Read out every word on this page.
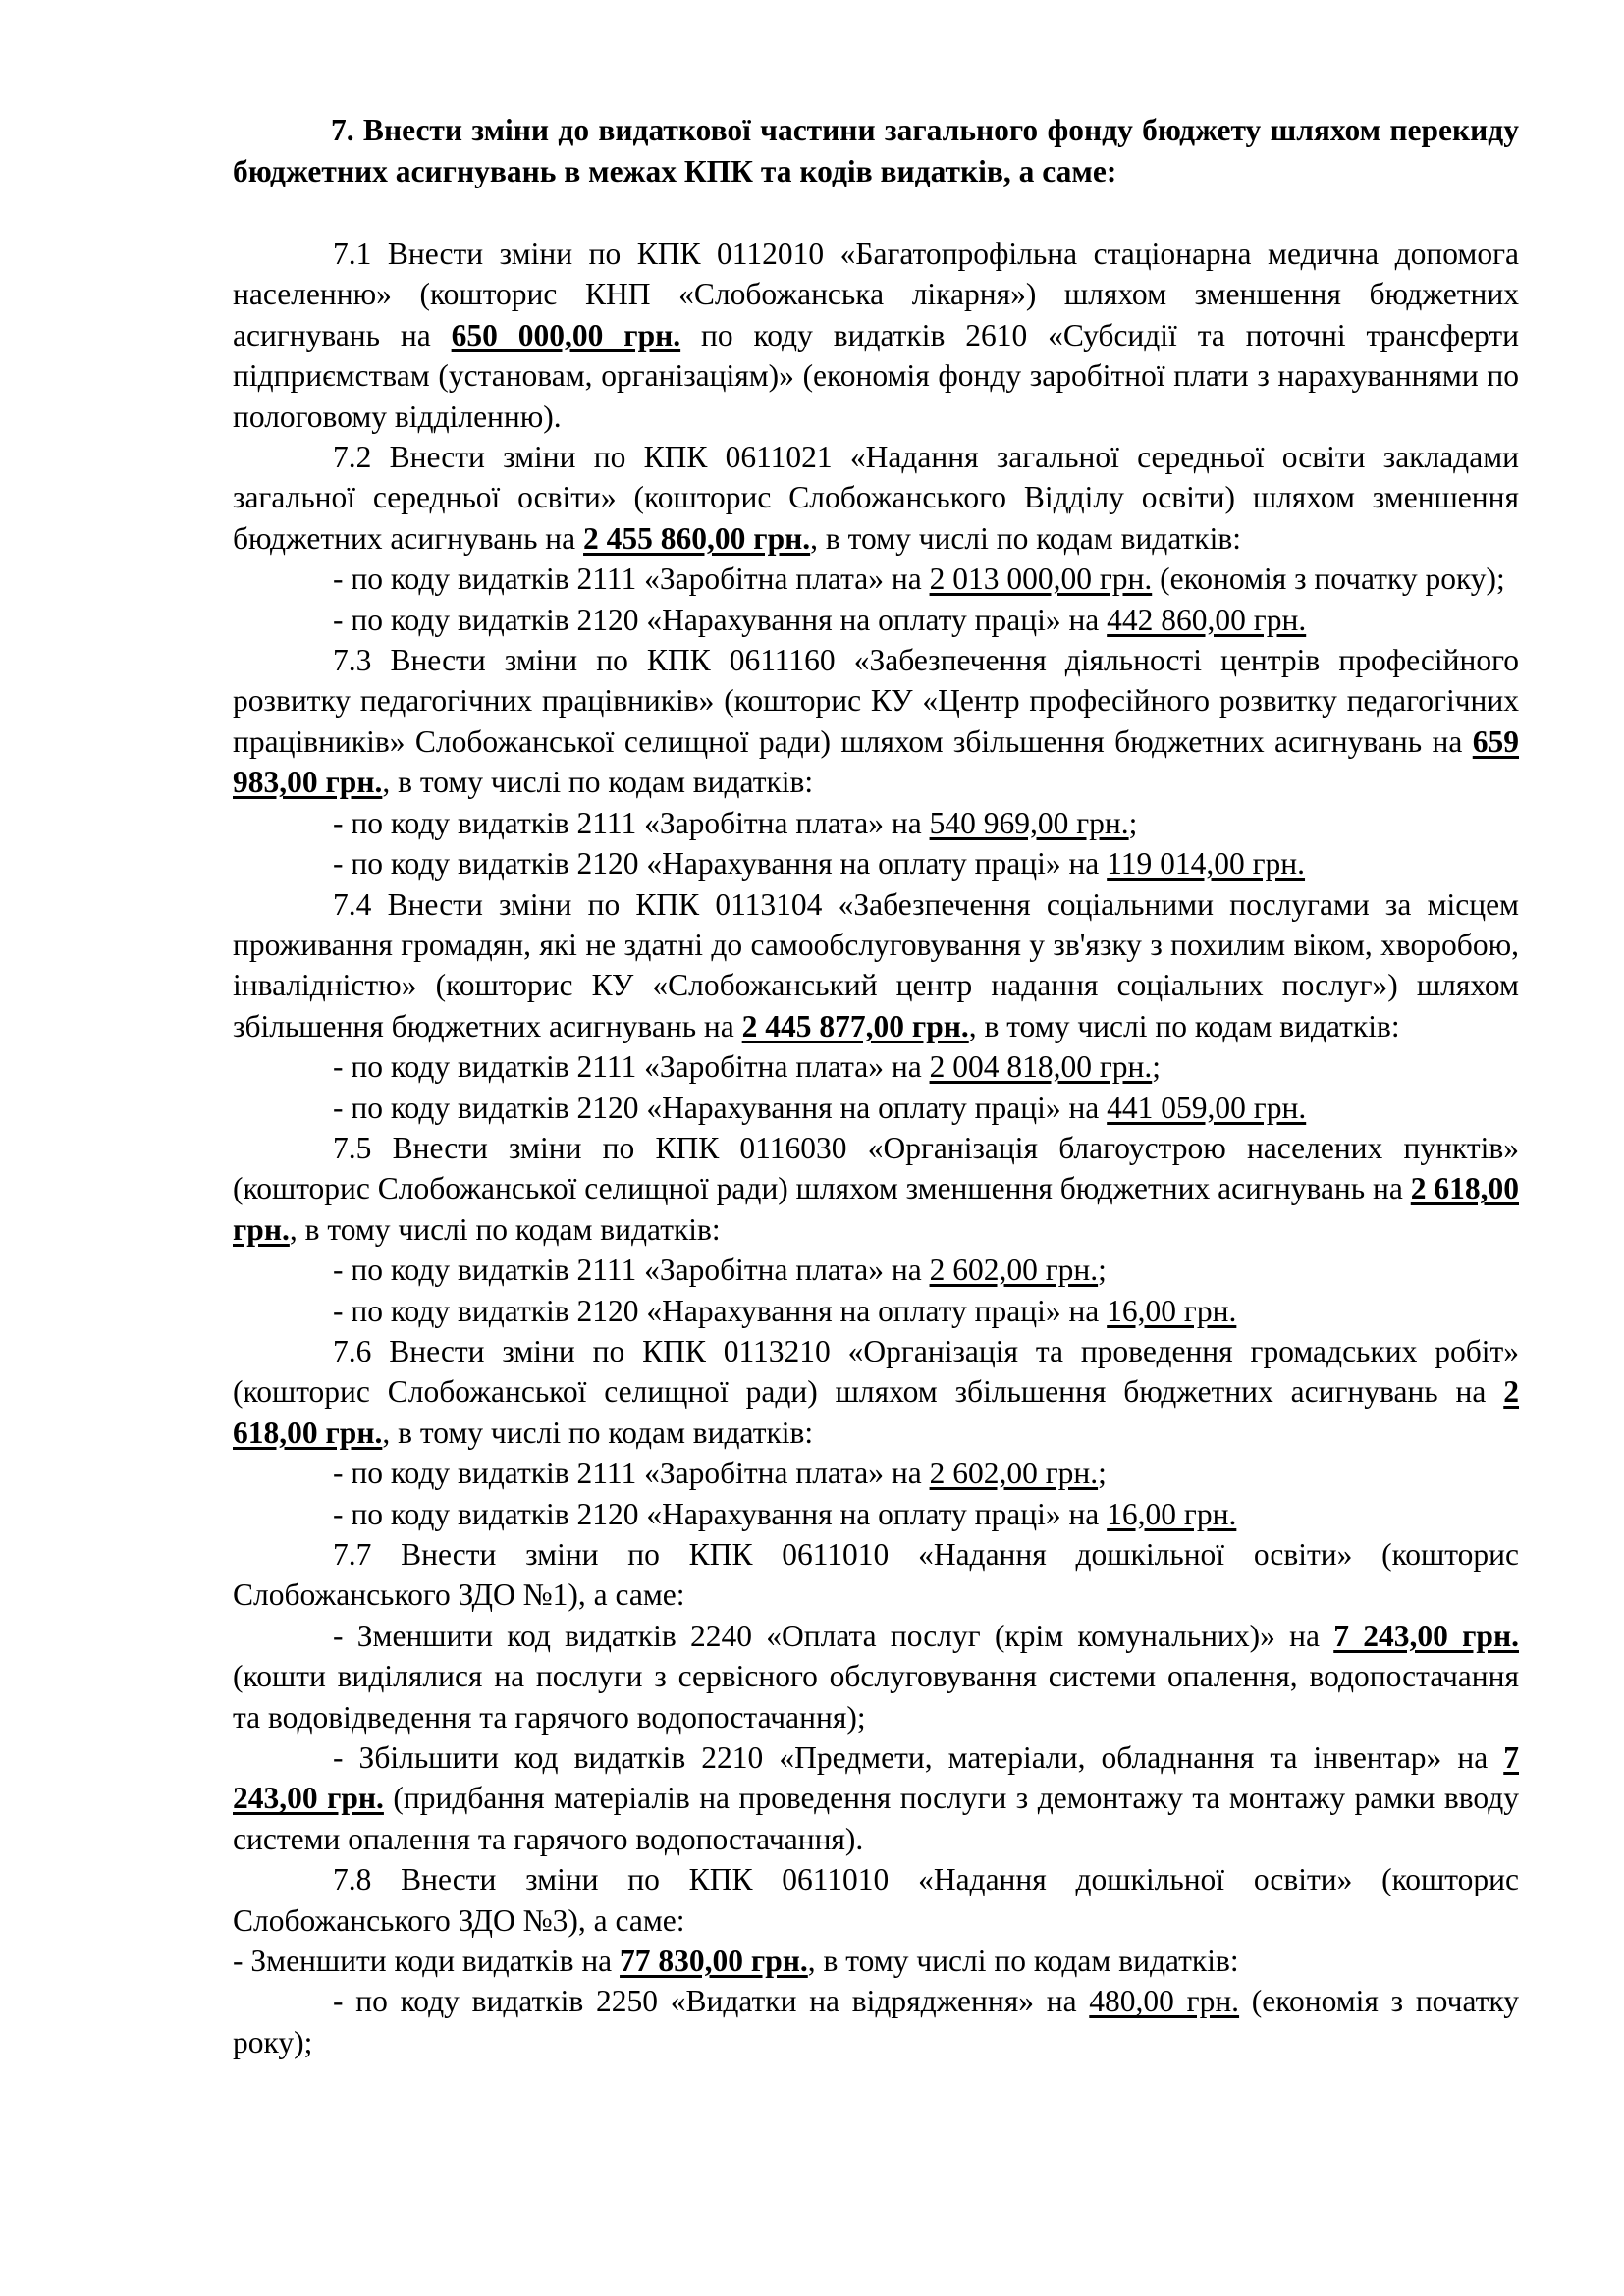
7. Внести зміни до видаткової частини загального фонду бюджету шляхом перекиду бюджетних асигнувань в межах КПК та кодів видатків, а саме:

7.1 Внести зміни по КПК 0112010 «Багатопрофільна стаціонарна медична допомога населенню» (кошторис КНП «Слобожанська лікарня») шляхом зменшення бюджетних асигнувань на 650 000,00 грн. по коду видатків 2610 «Субсидії та поточні трансферти підприємствам (установам, організаціям)» (економія фонду заробітної плати з нарахуваннями по пологовому відділенню).

7.2 Внести зміни по КПК 0611021 «Надання загальної середньої освіти закладами загальної середньої освіти» (кошторис Слобожанського Відділу освіти) шляхом зменшення бюджетних асигнувань на 2 455 860,00 грн., в тому числі по кодам видатків:

- по коду видатків 2111 «Заробітна плата» на 2 013 000,00 грн. (економія з початку року);

- по коду видатків 2120 «Нарахування на оплату праці» на 442 860,00 грн.

7.3 Внести зміни по КПК 0611160 «Забезпечення діяльності центрів професійного розвитку педагогічних працівників» (кошторис КУ «Центр професійного розвитку педагогічних працівників» Слобожанської селищної ради) шляхом збільшення бюджетних асигнувань на 659 983,00 грн., в тому числі по кодам видатків:

- по коду видатків 2111 «Заробітна плата» на 540 969,00 грн.;

- по коду видатків 2120 «Нарахування на оплату праці» на 119 014,00 грн.

7.4 Внести зміни по КПК 0113104 «Забезпечення соціальними послугами за місцем проживання громадян, які не здатні до самообслуговування у зв'язку з похилим віком, хворобою, інвалідністю» (кошторис КУ «Слобожанський центр надання соціальних послуг») шляхом збільшення бюджетних асигнувань на 2 445 877,00 грн., в тому числі по кодам видатків:

- по коду видатків 2111 «Заробітна плата» на 2 004 818,00 грн.;

- по коду видатків 2120 «Нарахування на оплату праці» на 441 059,00 грн.

7.5 Внести зміни по КПК 0116030 «Організація благоустрою населених пунктів» (кошторис Слобожанської селищної ради) шляхом зменшення бюджетних асигнувань на 2 618,00 грн., в тому числі по кодам видатків:

- по коду видатків 2111 «Заробітна плата» на 2 602,00 грн.;

- по коду видатків 2120 «Нарахування на оплату праці» на 16,00 грн.

7.6 Внести зміни по КПК 0113210 «Організація та проведення громадських робіт» (кошторис Слобожанської селищної ради) шляхом збільшення бюджетних асигнувань на 2 618,00 грн., в тому числі по кодам видатків:

- по коду видатків 2111 «Заробітна плата» на 2 602,00 грн.;

- по коду видатків 2120 «Нарахування на оплату праці» на 16,00 грн.

7.7 Внести зміни по КПК 0611010 «Надання дошкільної освіти» (кошторис Слобожанського ЗДО №1), а саме:

- Зменшити код видатків 2240 «Оплата послуг (крім комунальних)» на 7 243,00 грн. (кошти виділялися на послуги з сервісного обслуговування системи опалення, водопостачання та водовідведення та гарячого водопостачання);

- Збільшити код видатків 2210 «Предмети, матеріали, обладнання та інвентар» на 7 243,00 грн. (придбання матеріалів на проведення послуги з демонтажу та монтажу рамки вводу системи опалення та гарячого водопостачання).

7.8 Внести зміни по КПК 0611010 «Надання дошкільної освіти» (кошторис Слобожанського ЗДО №3), а саме:

- Зменшити коди видатків на 77 830,00 грн., в тому числі по кодам видатків:

- по коду видатків 2250 «Видатки на відрядження» на 480,00 грн. (економія з початку року);
